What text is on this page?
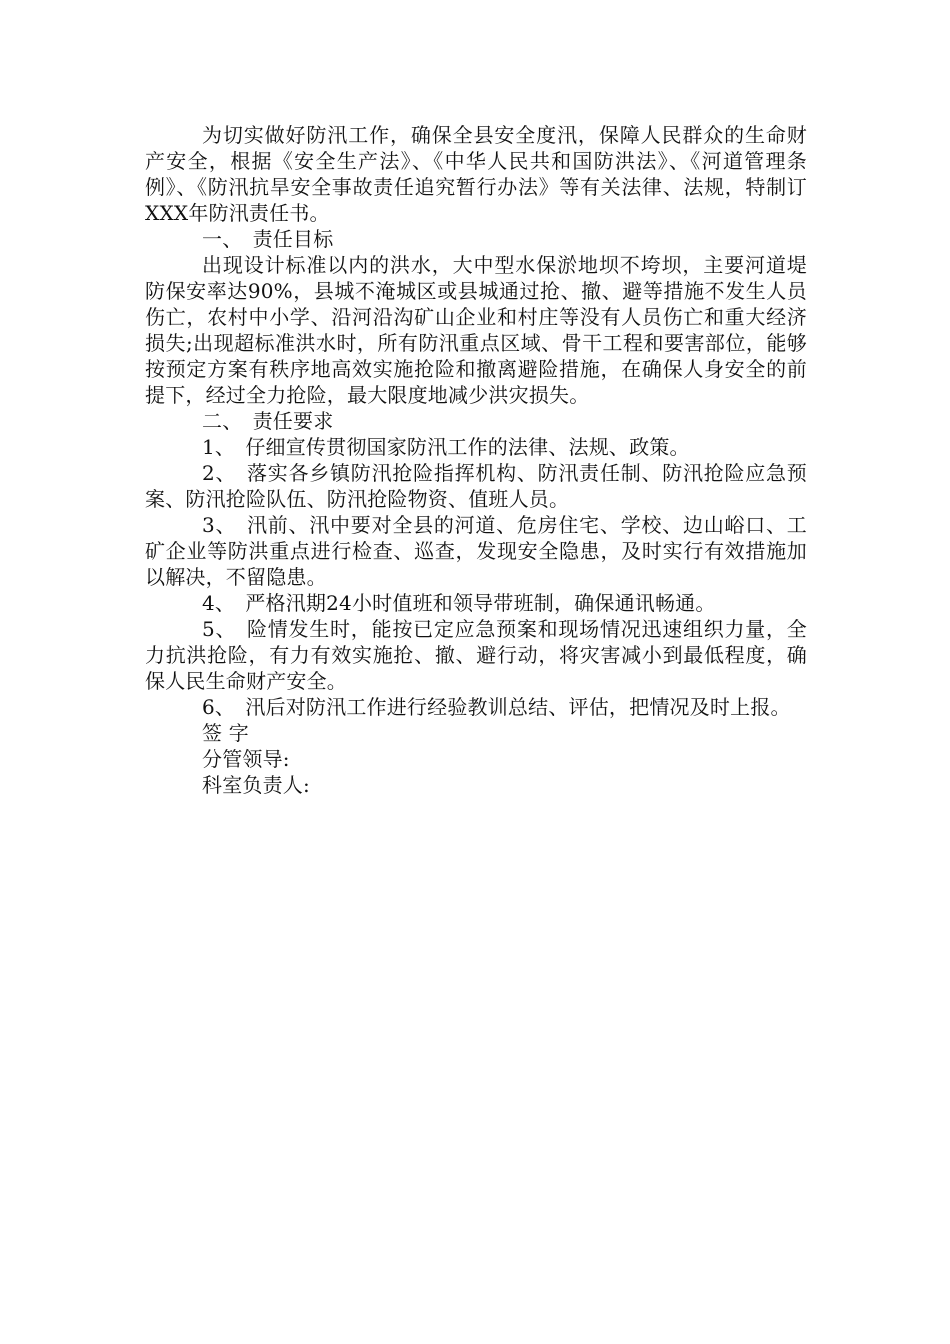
为切实做好防汛工作，确保全县安全度汛，保障人民群众的生命财产安全，根据《安全生产法》、《中华人民共和国防洪法》、《河道管理条例》、《防汛抗旱安全事故责任追究暂行办法》等有关法律、法规，特制订XXX年防汛责任书。

一、　责任目标

出现设计标准以内的洪水，大中型水保淤地坝不垮坝，主要河道堤防保安率达90%，县城不淹城区或县城通过抢、撤、避等措施不发生人员伤亡，农村中小学、沿河沿沟矿山企业和村庄等没有人员伤亡和重大经济损失;出现超标准洪水时，所有防汛重点区域、骨干工程和要害部位，能够按预定方案有秩序地高效实施抢险和撤离避险措施，在确保人身安全的前提下，经过全力抢险，最大限度地减少洪灾损失。

二、　责任要求

1、　仔细宣传贯彻国家防汛工作的法律、法规、政策。

2、　落实各乡镇防汛抢险指挥机构、防汛责任制、防汛抢险应急预案、防汛抢险队伍、防汛抢险物资、值班人员。

3、　汛前、汛中要对全县的河道、危房住宅、学校、边山峪口、工矿企业等防洪重点进行检查、巡查，发现安全隐患，及时实行有效措施加以解决，不留隐患。

4、　严格汛期24小时值班和领导带班制，确保通讯畅通。

5、　险情发生时，能按已定应急预案和现场情况迅速组织力量，全力抗洪抢险，有力有效实施抢、撤、避行动，将灾害减小到最低程度，确保人民生命财产安全。

6、　汛后对防汛工作进行经验教训总结、评估，把情况及时上报。

签 字

分管领导:

科室负责人:
